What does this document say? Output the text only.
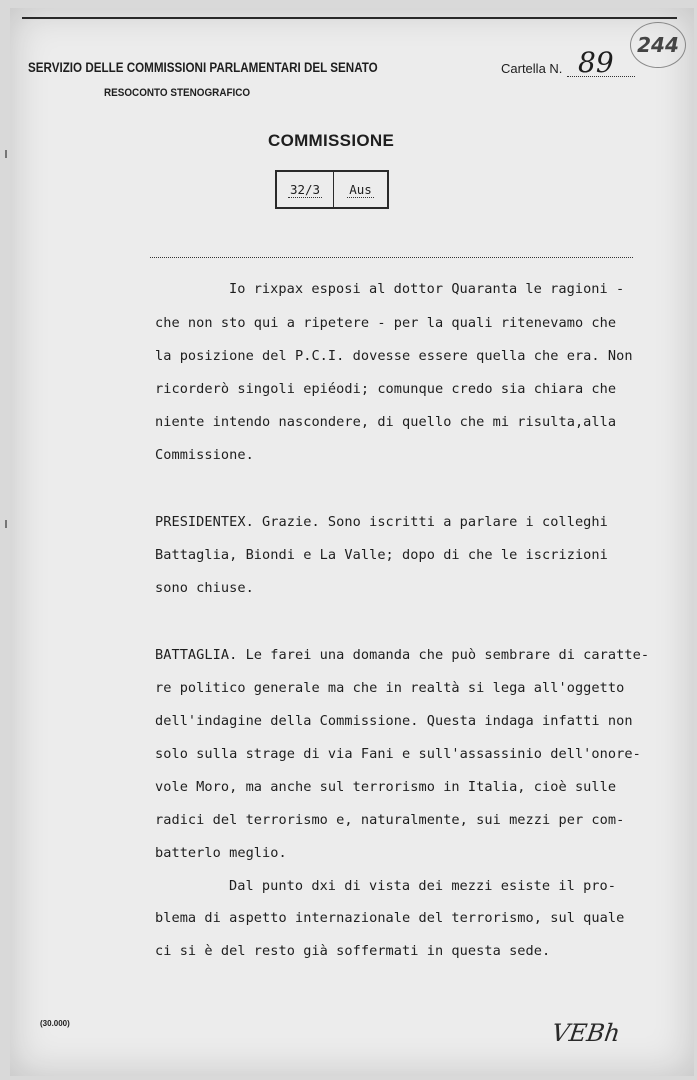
244
SERVIZIO DELLE COMMISSIONI PARLAMENTARI DEL SENATO
RESOCONTO STENOGRAFICO
Cartella N. 89
COMMISSIONE
32/3 Aus
Io rixpax esposi al dottor Quaranta le ragioni -
che non sto qui a ripetere - per la quali ritenevamo che
la posizione del P.C.I. dovesse essere quella che era. Non
ricorderò singoli epiéodi; comunque credo sia chiara che
niente intendo nascondere, di quello che mi risulta,alla
Commissione.
PRESIDENTEX. Grazie. Sono iscritti a parlare i colleghi
Battaglia, Biondi e La Valle; dopo di che le iscrizioni
sono chiuse.
BATTAGLIA. Le farei una domanda che può sembrare di caratte-
re politico generale ma che in realtà si lega all'oggetto
dell'indagine della Commissione. Questa indaga infatti non
solo sulla strage di via Fani e sull'assassinio dell'onore-
vole Moro, ma anche sul terrorismo in Italia, cioè sulle
radici del terrorismo e, naturalmente, sui mezzi per com-
batterlo meglio.
Dal punto dxi di vista dei mezzi esiste il pro-
blema di aspetto internazionale del terrorismo, sul quale
ci si è del resto già soffermati in questa sede.
(30.000)	VEBh
